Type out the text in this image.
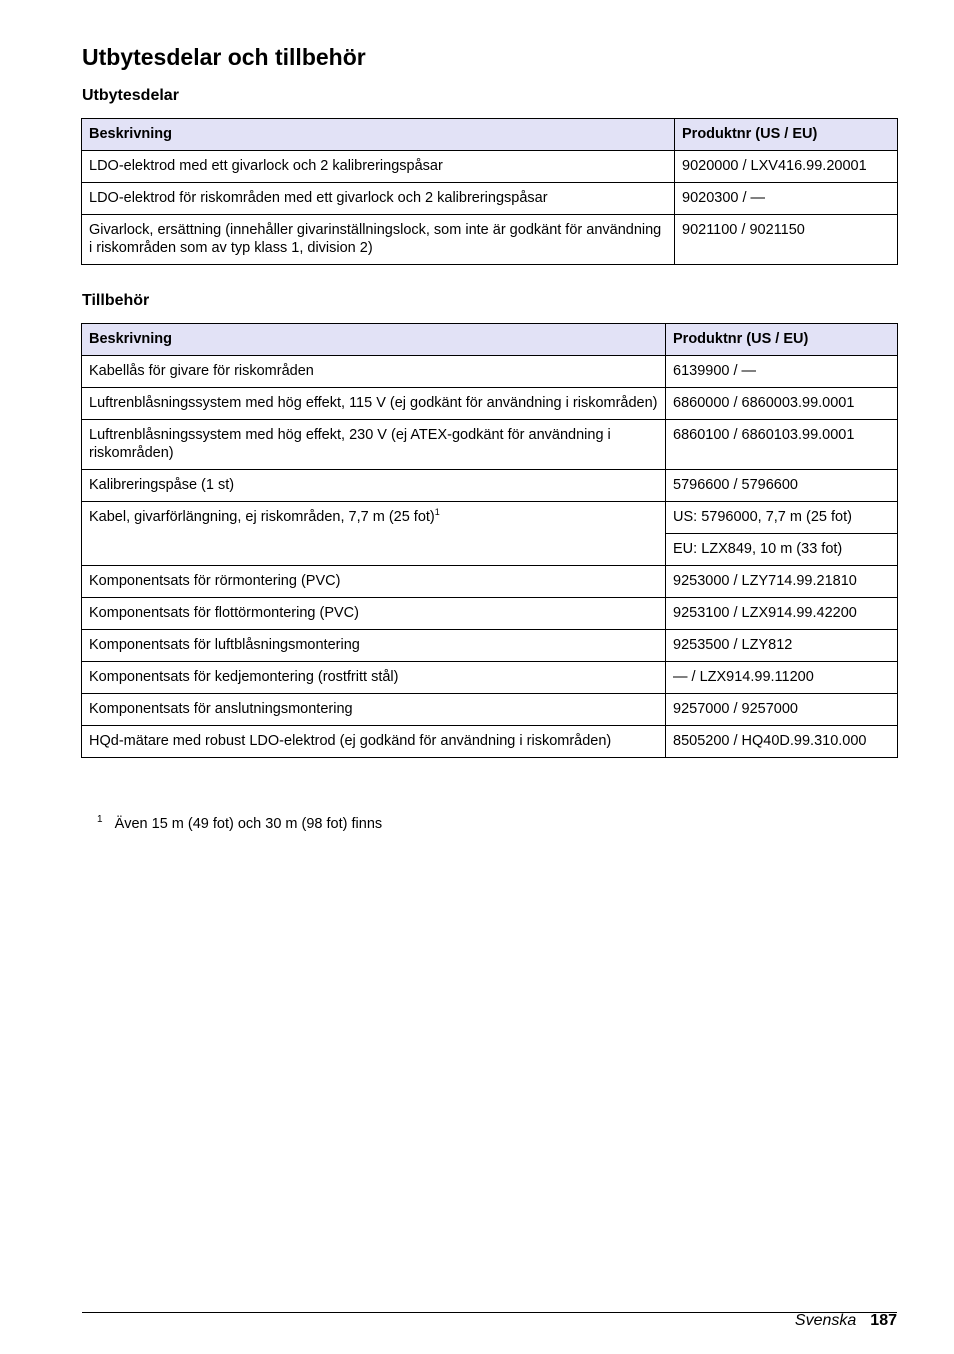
Utbytesdelar och tillbehör
Utbytesdelar
Beskrivning	Produktnr (US / EU)
LDO-elektrod med ett givarlock och 2 kalibreringspåsar	9020000 / LXV416.99.20001
LDO-elektrod för riskområden med ett givarlock och 2 kalibreringspåsar	9020300 / —
Givarlock, ersättning (innehåller givarinställningslock, som inte är godkänt för användning i riskområden som av typ klass 1, division 2)	9021100 / 9021150
Tillbehör
Beskrivning	Produktnr (US / EU)
Kabellås för givare för riskområden	6139900 / —
Luftrenblåsningssystem med hög effekt, 115 V (ej godkänt för användning i riskområden)	6860000 / 6860003.99.0001
Luftrenblåsningssystem med hög effekt, 230 V (ej ATEX-godkänt för användning i riskområden)	6860100 / 6860103.99.0001
Kalibreringspåse (1 st)	5796600 / 5796600
Kabel, givarförlängning, ej riskområden, 7,7 m (25 fot)$^1$	US: 5796000, 7,7 m (25 fot)
	EU: LZX849, 10 m (33 fot)
Komponentsats för rörmontering (PVC)	9253000 / LZY714.99.21810
Komponentsats för flottörmontering (PVC)	9253100 / LZX914.99.42200
Komponentsats för luftblåsningsmontering	9253500 / LZY812
Komponentsats för kedjemontering (rostfritt stål)	— / LZX914.99.11200
Komponentsats för anslutningsmontering	9257000 / 9257000
HQd-mätare med robust LDO-elektrod (ej godkänd för användning i riskområden)	8505200 / HQ40D.99.310.000
$^1$ Även 15 m (49 fot) och 30 m (98 fot) finns
Svenska 187
